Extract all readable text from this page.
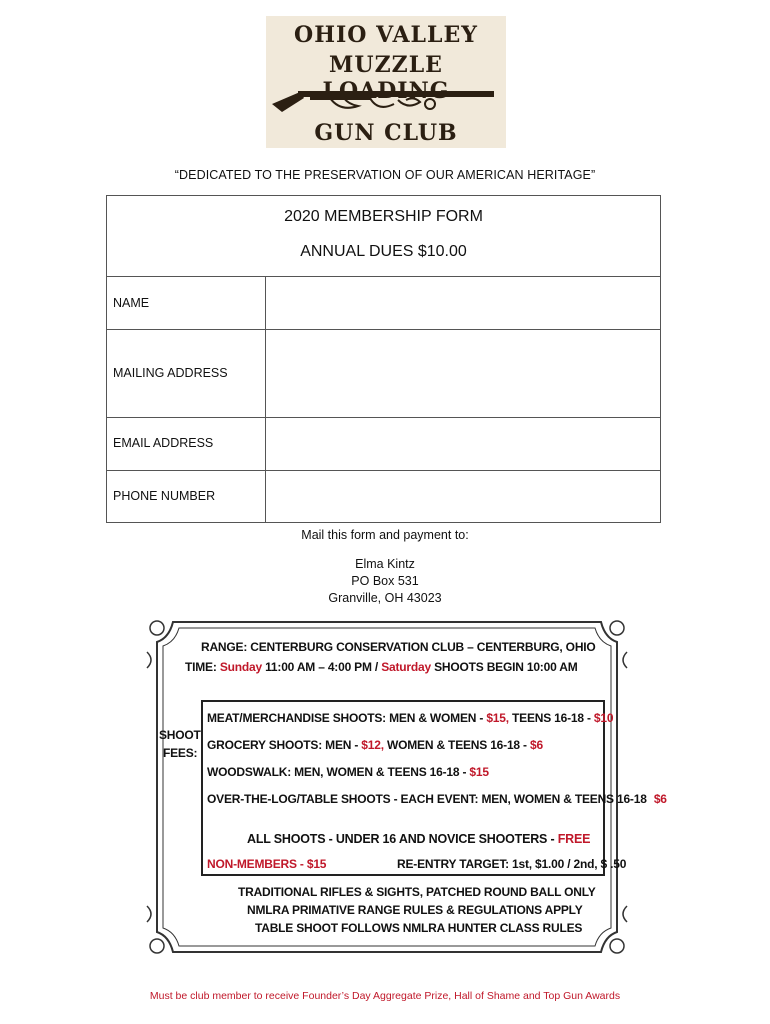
OHIO VALLEY
MUZZLE
GUN CLUB
“DEDICATED TO THE PRESERVATION OF OUR AMERICAN HERITAGE”
2020 MEMBERSHIP FORM
ANNUAL DUES $10.00
NAME
MAILING ADDRESS
EMAIL ADDRESS
PHONE NUMBER
Mail this form and payment to:
Elma Kintz
PO Box 531
Granville, OH 43023
RANGE: CENTERBURG CONSERVATION CLUB – CENTERBURG, OHIO
TIME: Sunday 11:00 AM – 4:00 PM / Saturday SHOOTS BEGIN 10:00 AM
SHOOT
FEES:
MEAT/MERCHANDISE SHOOTS: MEN & WOMEN - $15, TEENS 16-18 - $10
GROCERY SHOOTS: MEN - $12, WOMEN & TEENS 16-18 - $6
WOODSWALK: MEN, WOMEN & TEENS 16-18 - $15
OVER-THE-LOG/TABLE SHOOTS - EACH EVENT: MEN, WOMEN & TEENS 16-18 $6
ALL SHOOTS - UNDER 16 AND NOVICE SHOOTERS - FREE
NON-MEMBERS - $15	RE-ENTRY TARGET: 1st, $1.00 / 2nd, $ .50
TRADITIONAL RIFLES & SIGHTS, PATCHED ROUND BALL ONLY
NMLRA PRIMATIVE RANGE RULES & REGULATIONS APPLY
TABLE SHOOT FOLLOWS NMLRA HUNTER CLASS RULES
Must be club member to receive Founder’s Day Aggregate Prize, Hall of Shame and Top Gun Awards
